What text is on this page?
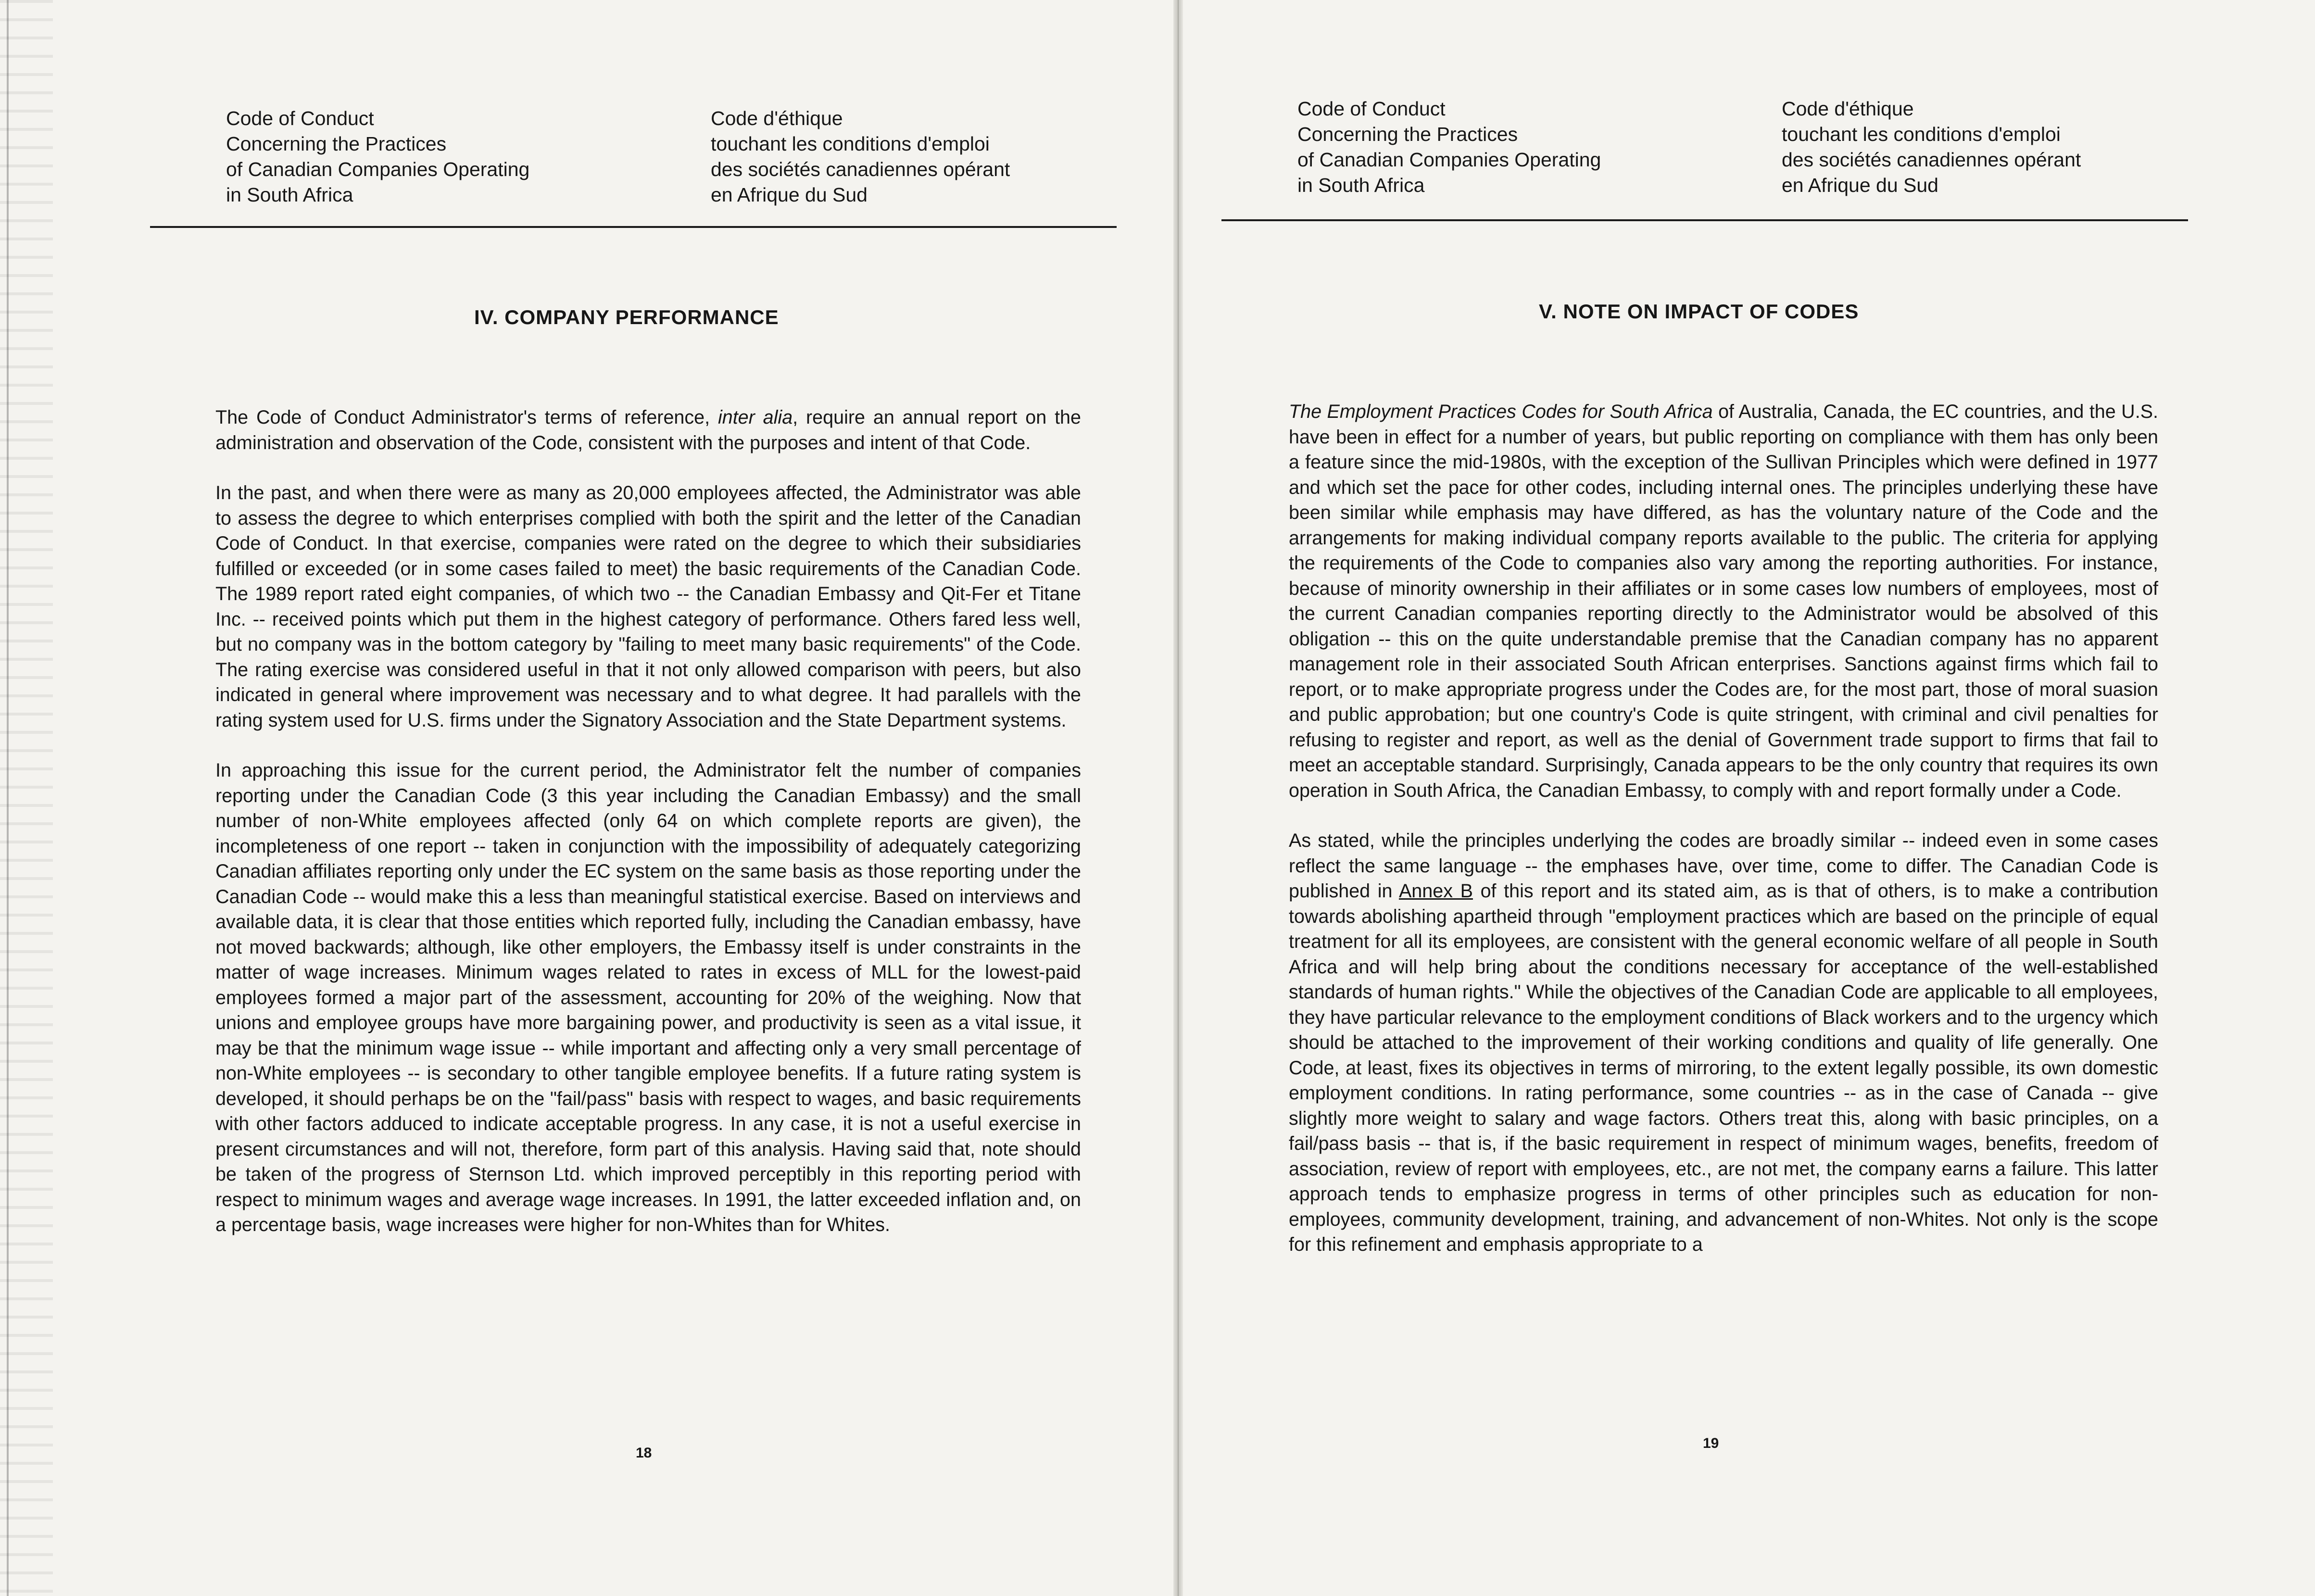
Code of Conduct
Concerning the Practices
of Canadian Companies Operating
in South Africa
Code d'éthique
touchant les conditions d'emploi
des sociétés canadiennes opérant
en Afrique du Sud
IV. COMPANY PERFORMANCE

The Code of Conduct Administrator's terms of reference, inter alia, require an annual report on the administration and observation of the Code, consistent with the purposes and intent of that Code.

In the past, and when there were as many as 20,000 employees affected, the Administrator was able to assess the degree to which enterprises complied with both the spirit and the letter of the Canadian Code of Conduct. In that exercise, companies were rated on the degree to which their subsidiaries fulfilled or exceeded (or in some cases failed to meet) the basic requirements of the Canadian Code. The 1989 report rated eight companies, of which two -- the Canadian Embassy and Qit-Fer et Titane Inc. -- received points which put them in the highest category of performance. Others fared less well, but no company was in the bottom category by "failing to meet many basic requirements" of the Code. The rating exercise was considered useful in that it not only allowed comparison with peers, but also indicated in general where improvement was necessary and to what degree. It had parallels with the rating system used for U.S. firms under the Signatory Association and the State Department systems.

In approaching this issue for the current period, the Administrator felt the number of companies reporting under the Canadian Code (3 this year including the Canadian Embassy) and the small number of non-White employees affected (only 64 on which complete reports are given), the incompleteness of one report -- taken in conjunction with the impossibility of adequately categorizing Canadian affiliates reporting only under the EC system on the same basis as those reporting under the Canadian Code -- would make this a less than meaningful statistical exercise. Based on interviews and available data, it is clear that those entities which reported fully, including the Canadian embassy, have not moved backwards; although, like other employers, the Embassy itself is under constraints in the matter of wage increases. Minimum wages related to rates in excess of MLL for the lowest-paid employees formed a major part of the assessment, accounting for 20% of the weighing. Now that unions and employee groups have more bargaining power, and productivity is seen as a vital issue, it may be that the minimum wage issue -- while important and affecting only a very small percentage of non-White employees -- is secondary to other tangible employee benefits. If a future rating system is developed, it should perhaps be on the "fail/pass" basis with respect to wages, and basic requirements with other factors adduced to indicate acceptable progress. In any case, it is not a useful exercise in present circumstances and will not, therefore, form part of this analysis. Having said that, note should be taken of the progress of Sternson Ltd. which improved perceptibly in this reporting period with respect to minimum wages and average wage increases. In 1991, the latter exceeded inflation and, on a percentage basis, wage increases were higher for non-Whites than for Whites.

18
Code of Conduct
Concerning the Practices
of Canadian Companies Operating
in South Africa
Code d'éthique
touchant les conditions d'emploi
des sociétés canadiennes opérant
en Afrique du Sud
V. NOTE ON IMPACT OF CODES

The Employment Practices Codes for South Africa of Australia, Canada, the EC countries, and the U.S. have been in effect for a number of years, but public reporting on compliance with them has only been a feature since the mid-1980s, with the exception of the Sullivan Principles which were defined in 1977 and which set the pace for other codes, including internal ones. The principles underlying these have been similar while emphasis may have differed, as has the voluntary nature of the Code and the arrangements for making individual company reports available to the public. The criteria for applying the requirements of the Code to companies also vary among the reporting authorities. For instance, because of minority ownership in their affiliates or in some cases low numbers of employees, most of the current Canadian companies reporting directly to the Administrator would be absolved of this obligation -- this on the quite understandable premise that the Canadian company has no apparent management role in their associated South African enterprises. Sanctions against firms which fail to report, or to make appropriate progress under the Codes are, for the most part, those of moral suasion and public approbation; but one country's Code is quite stringent, with criminal and civil penalties for refusing to register and report, as well as the denial of Government trade support to firms that fail to meet an acceptable standard. Surprisingly, Canada appears to be the only country that requires its own operation in South Africa, the Canadian Embassy, to comply with and report formally under a Code.

As stated, while the principles underlying the codes are broadly similar -- indeed even in some cases reflect the same language -- the emphases have, over time, come to differ. The Canadian Code is published in Annex B of this report and its stated aim, as is that of others, is to make a contribution towards abolishing apartheid through "employment practices which are based on the principle of equal treatment for all its employees, are consistent with the general economic welfare of all people in South Africa and will help bring about the conditions necessary for acceptance of the well-established standards of human rights." While the objectives of the Canadian Code are applicable to all employees, they have particular relevance to the employment conditions of Black workers and to the urgency which should be attached to the improvement of their working conditions and quality of life generally. One Code, at least, fixes its objectives in terms of mirroring, to the extent legally possible, its own domestic employment conditions. In rating performance, some countries -- as in the case of Canada -- give slightly more weight to salary and wage factors. Others treat this, along with basic principles, on a fail/pass basis -- that is, if the basic requirement in respect of minimum wages, benefits, freedom of association, review of report with employees, etc., are not met, the company earns a failure. This latter approach tends to emphasize progress in terms of other principles such as education for non-employees, community development, training, and advancement of non-Whites. Not only is the scope for this refinement and emphasis appropriate to a

19
